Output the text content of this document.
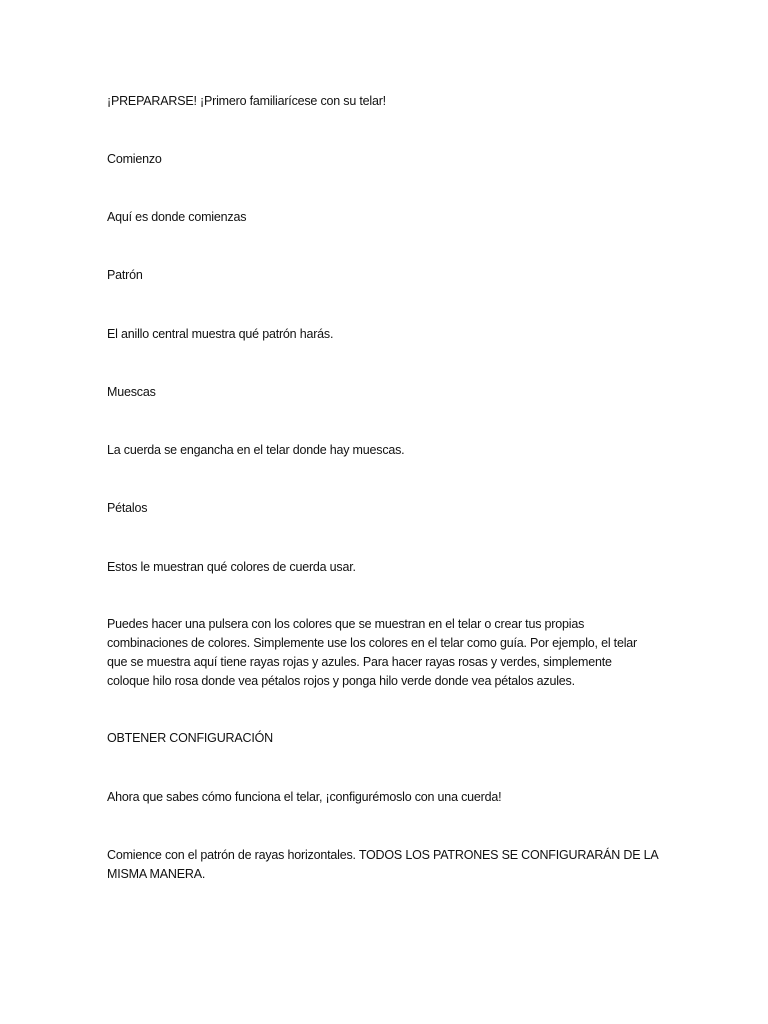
¡PREPARARSE! ¡Primero familiarícese con su telar!
Comienzo
Aquí es donde comienzas
Patrón
El anillo central muestra qué patrón harás.
Muescas
La cuerda se engancha en el telar donde hay muescas.
Pétalos
Estos le muestran qué colores de cuerda usar.
Puedes hacer una pulsera con los colores que se muestran en el telar o crear tus propias
combinaciones de colores. Simplemente use los colores en el telar como guía. Por ejemplo, el telar
que se muestra aquí tiene rayas rojas y azules. Para hacer rayas rosas y verdes, simplemente
coloque hilo rosa donde vea pétalos rojos y ponga hilo verde donde vea pétalos azules.
OBTENER CONFIGURACIÓN
Ahora que sabes cómo funciona el telar, ¡configurémoslo con una cuerda!
Comience con el patrón de rayas horizontales. TODOS LOS PATRONES SE CONFIGURARÁN DE LA
MISMA MANERA.
